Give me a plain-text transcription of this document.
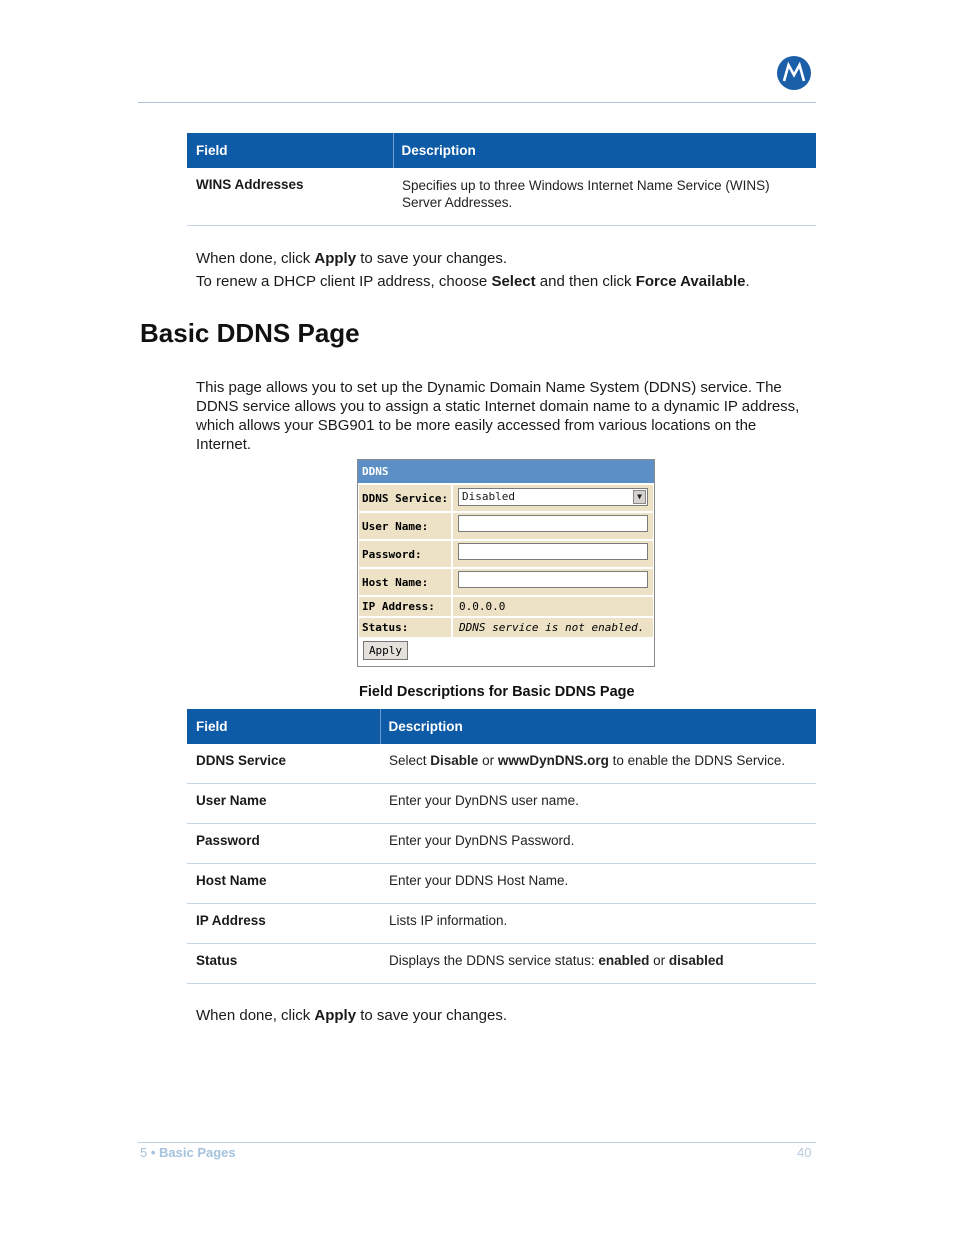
Field	Description
WINS Addresses	Specifies up to three Windows Internet Name Service (WINS) Server Addresses.
When done, click Apply to save your changes.
To renew a DHCP client IP address, choose Select and then click Force Available.
Basic DDNS Page
This page allows you to set up the Dynamic Domain Name System (DDNS) service. The DDNS service allows you to assign a static Internet domain name to a dynamic IP address, which allows your SBG901 to be more easily accessed from various locations on the Internet.
DDNS
DDNS Service:	Disabled	▼
User Name:
Password:
Host Name:
IP Address:	0.0.0.0
Status:	DDNS service is not enabled.
Apply
Field Descriptions for Basic DDNS Page
Field	Description
DDNS Service	Select Disable or wwwDynDNS.org to enable the DDNS Service.
User Name	Enter your DynDNS user name.
Password	Enter your DynDNS Password.
Host Name	Enter your DDNS Host Name.
IP Address	Lists IP information.
Status	Displays the DDNS service status: enabled or disabled
When done, click Apply to save your changes.
5 • Basic Pages	40
